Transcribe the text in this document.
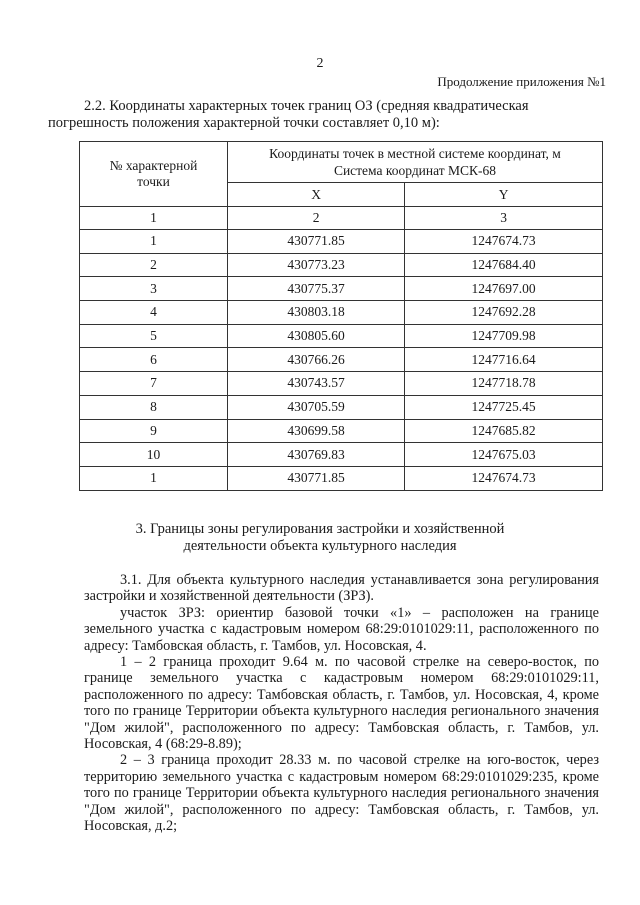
2
Продолжение приложения №1
2.2. Координаты характерных точек границ ОЗ (средняя квадратическая
погрешность положения характерной точки составляет 0,10 м):
№ характерной
точки	Координаты точек в местной системе координат, м
Система координат МСК-68	
	X	Y
1	2	3
1	430771.85	1247674.73
2	430773.23	1247684.40
3	430775.37	1247697.00
4	430803.18	1247692.28
5	430805.60	1247709.98
6	430766.26	1247716.64
7	430743.57	1247718.78
8	430705.59	1247725.45
9	430699.58	1247685.82
10	430769.83	1247675.03
1	430771.85	1247674.73
3. Границы зоны регулирования застройки и хозяйственной
деятельности объекта культурного наследия

3.1. Для объекта культурного наследия устанавливается зона регулирования застройки и хозяйственной деятельности (ЗРЗ).

участок ЗРЗ: ориентир базовой точки «1» – расположен на границе земельного участка с кадастровым номером 68:29:0101029:11, расположенного по адресу: Тамбовская область, г. Тамбов, ул. Носовская, 4.

1 – 2 граница проходит 9.64 м. по часовой стрелке на северо-восток, по границе земельного участка с кадастровым номером 68:29:0101029:11, расположенного по адресу: Тамбовская область, г. Тамбов, ул. Носовская, 4, кроме того по границе Территории объекта культурного наследия регионального значения "Дом жилой", расположенного по адресу: Тамбовская область, г. Тамбов, ул. Носовская, 4 (68:29-8.89);

2 – 3 граница проходит 28.33 м. по часовой стрелке на юго-восток, через территорию земельного участка с кадастровым номером 68:29:0101029:235, кроме того по границе Территории объекта культурного наследия регионального значения "Дом жилой", расположенного по адресу: Тамбовская область, г. Тамбов, ул. Носовская, д.2;
